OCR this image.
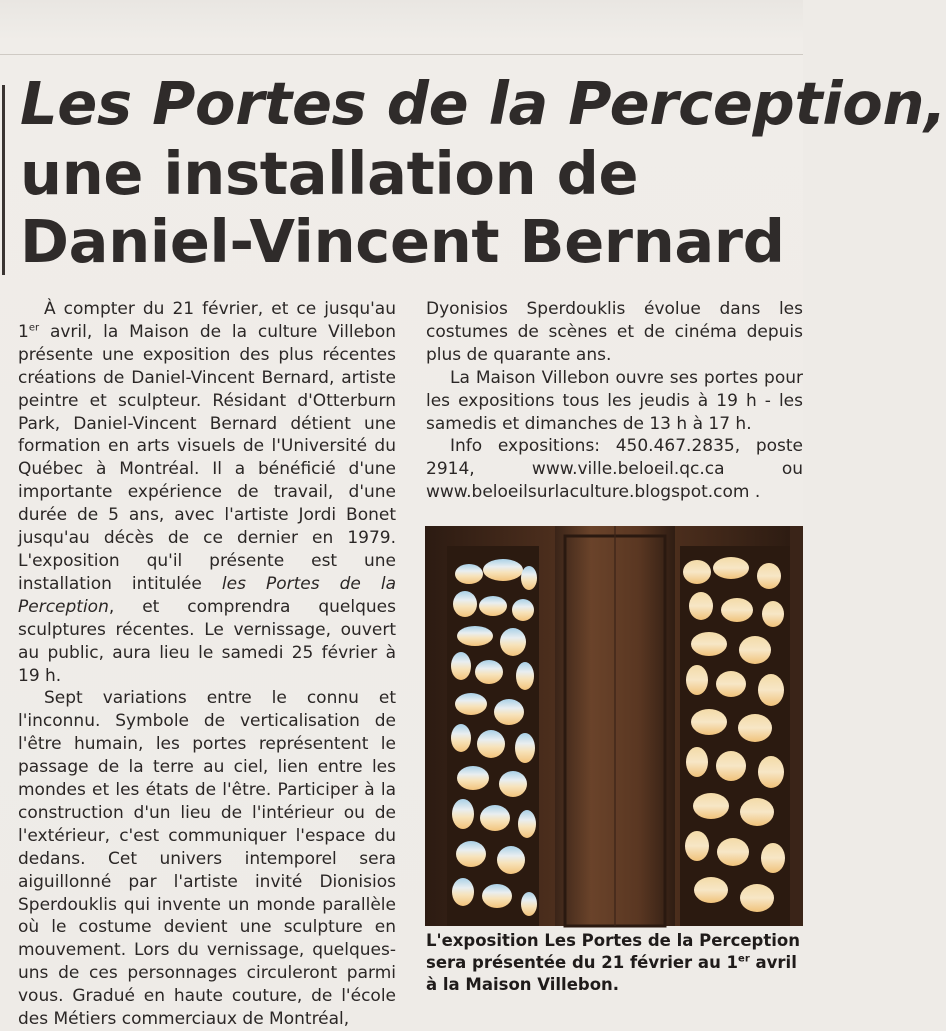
Les Portes de la Perception,
une installation de
Daniel-Vincent Bernard

À compter du 21 février, et ce jusqu'au 1er avril, la Maison de la culture Villebon présente une exposition des plus récentes créations de Daniel-Vincent Bernard, artiste peintre et sculpteur. Résidant d'Otterburn Park, Daniel-Vincent Bernard détient une formation en arts visuels de l'Université du Québec à Montréal. Il a bénéficié d'une importante expérience de travail, d'une durée de 5 ans, avec l'artiste Jordi Bonet jusqu'au décès de ce dernier en 1979. L'exposition qu'il présente est une installation intitulée les Portes de la Perception, et comprendra quelques sculptures récentes. Le vernissage, ouvert au public, aura lieu le samedi 25 février à 19 h.

Sept variations entre le connu et l'inconnu. Symbole de verticalisation de l'être humain, les portes représentent le passage de la terre au ciel, lien entre les mondes et les états de l'être. Participer à la construction d'un lieu de l'intérieur ou de l'extérieur, c'est communiquer l'espace du dedans. Cet univers intemporel sera aiguillonné par l'artiste invité Dionisios Sperdouklis qui invente un monde parallèle où le costume devient une sculpture en mouvement. Lors du vernissage, quelques-uns de ces personnages circuleront parmi vous. Gradué en haute couture, de l'école des Métiers commerciaux de Montréal,

Dyonisios Sperdouklis évolue dans les costumes de scènes et de cinéma depuis plus de quarante ans.

La Maison Villebon ouvre ses portes pour les expositions tous les jeudis à 19 h - les samedis et dimanches de 13 h à 17 h.

Info expositions: 450.467.2835, poste 2914, www.ville.beloeil.qc.ca ou www.beloeilsurlaculture.blogspot.com .

L'exposition Les Portes de la Perception sera présentée du 21 février au 1er avril à la Maison Villebon.
